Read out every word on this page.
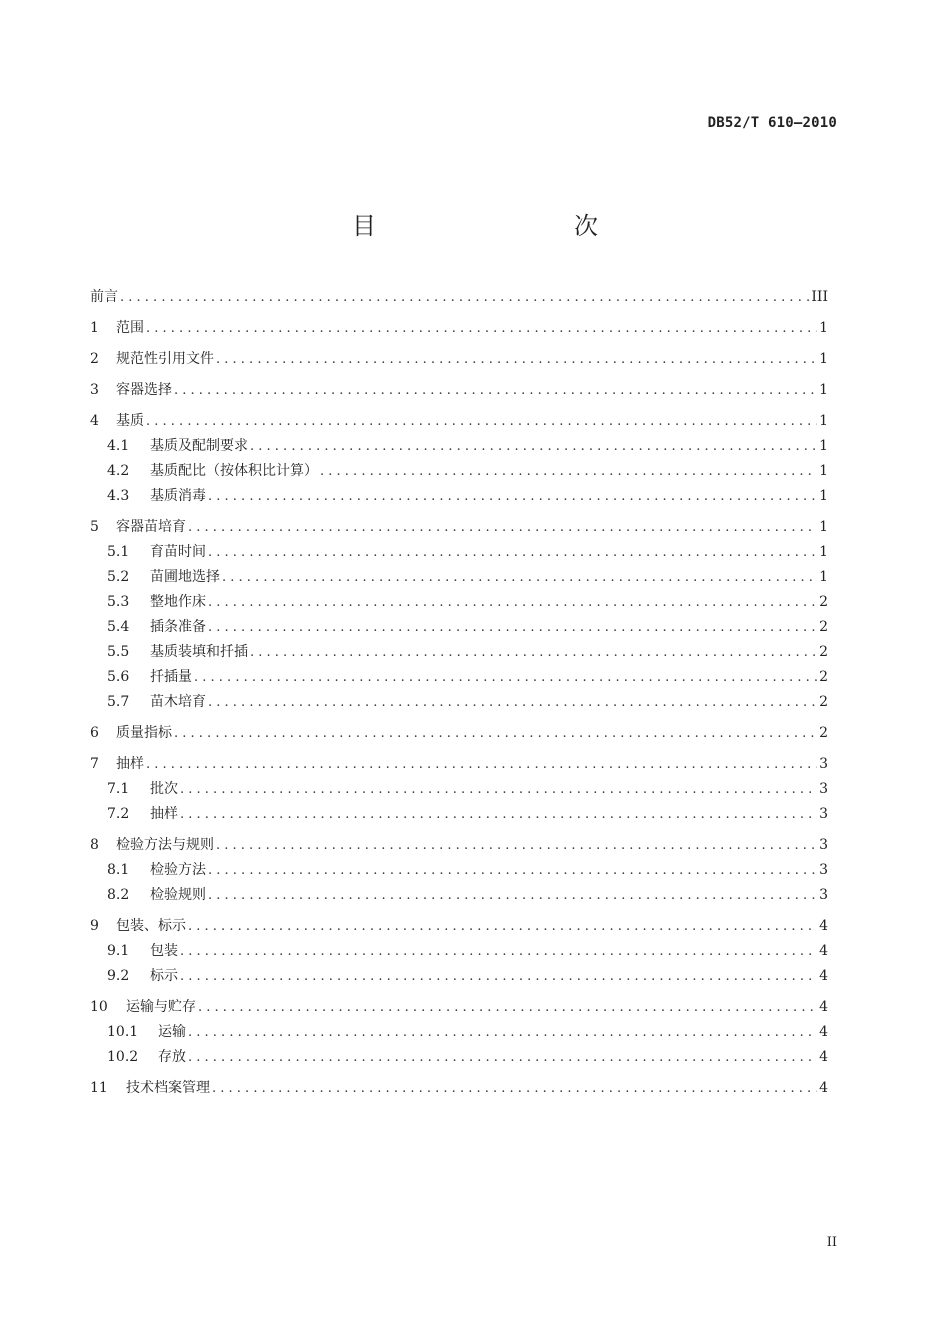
DB52/T 610—2010
目　　次
前言 . . .	III
1	范围 . . .	1
2	规范性引用文件 . . .	1
3	容器选择 . . .	1
4	基质 . . .	1
4.1	基质及配制要求 . . .	1
4.2	基质配比（按体积比计算） . . .	1
4.3	基质消毒 . . .	1
5	容器苗培育 . . .	1
5.1	育苗时间 . . .	1
5.2	苗圃地选择 . . .	1
5.3	整地作床 . . .	2
5.4	插条准备 . . .	2
5.5	基质装填和扦插 . . .	2
5.6	扦插量 . . .	2
5.7	苗木培育 . . .	2
6	质量指标 . . .	2
7	抽样 . . .	3
7.1	批次 . . .	3
7.2	抽样 . . .	3
8	检验方法与规则 . . .	3
8.1	检验方法 . . .	3
8.2	检验规则 . . .	3
9	包装、标示 . . .	4
9.1	包装 . . .	4
9.2	标示 . . .	4
10	运输与贮存 . . .	4
10.1	运输 . . .	4
10.2	存放 . . .	4
11	技术档案管理 . . .	4
II
